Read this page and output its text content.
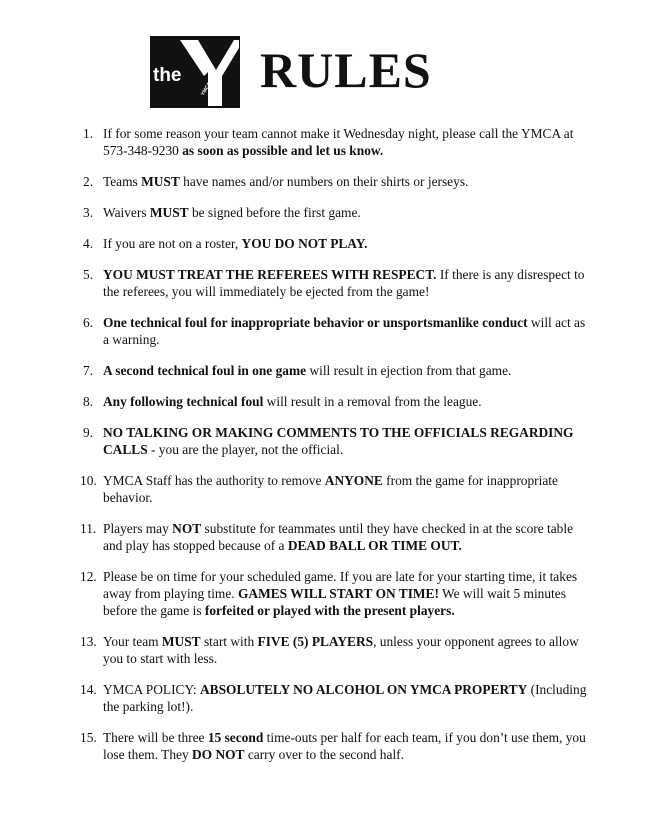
the
YMCA RULES
1. If for some reason your team cannot make it Wednesday night, please call the YMCA at 573-348-9230 as soon as possible and let us know.
2. Teams MUST have names and/or numbers on their shirts or jerseys.
3. Waivers MUST be signed before the first game.
4. If you are not on a roster, YOU DO NOT PLAY.
5. YOU MUST TREAT THE REFEREES WITH RESPECT. If there is any disrespect to the referees, you will immediately be ejected from the game!
6. One technical foul for inappropriate behavior or unsportsmanlike conduct will act as a warning.
7. A second technical foul in one game will result in ejection from that game.
8. Any following technical foul will result in a removal from the league.
9. NO TALKING OR MAKING COMMENTS TO THE OFFICIALS REGARDING CALLS - you are the player, not the official.
10. YMCA Staff has the authority to remove ANYONE from the game for inappropriate behavior.
11. Players may NOT substitute for teammates until they have checked in at the score table and play has stopped because of a DEAD BALL OR TIME OUT.
12. Please be on time for your scheduled game. If you are late for your starting time, it takes away from playing time. GAMES WILL START ON TIME! We will wait 5 minutes before the game is forfeited or played with the present players.
13. Your team MUST start with FIVE (5) PLAYERS, unless your opponent agrees to allow you to start with less.
14. YMCA POLICY: ABSOLUTELY NO ALCOHOL ON YMCA PROPERTY (Including the parking lot!).
15. There will be three 15 second time-outs per half for each team, if you don’t use them, you lose them. They DO NOT carry over to the second half.
